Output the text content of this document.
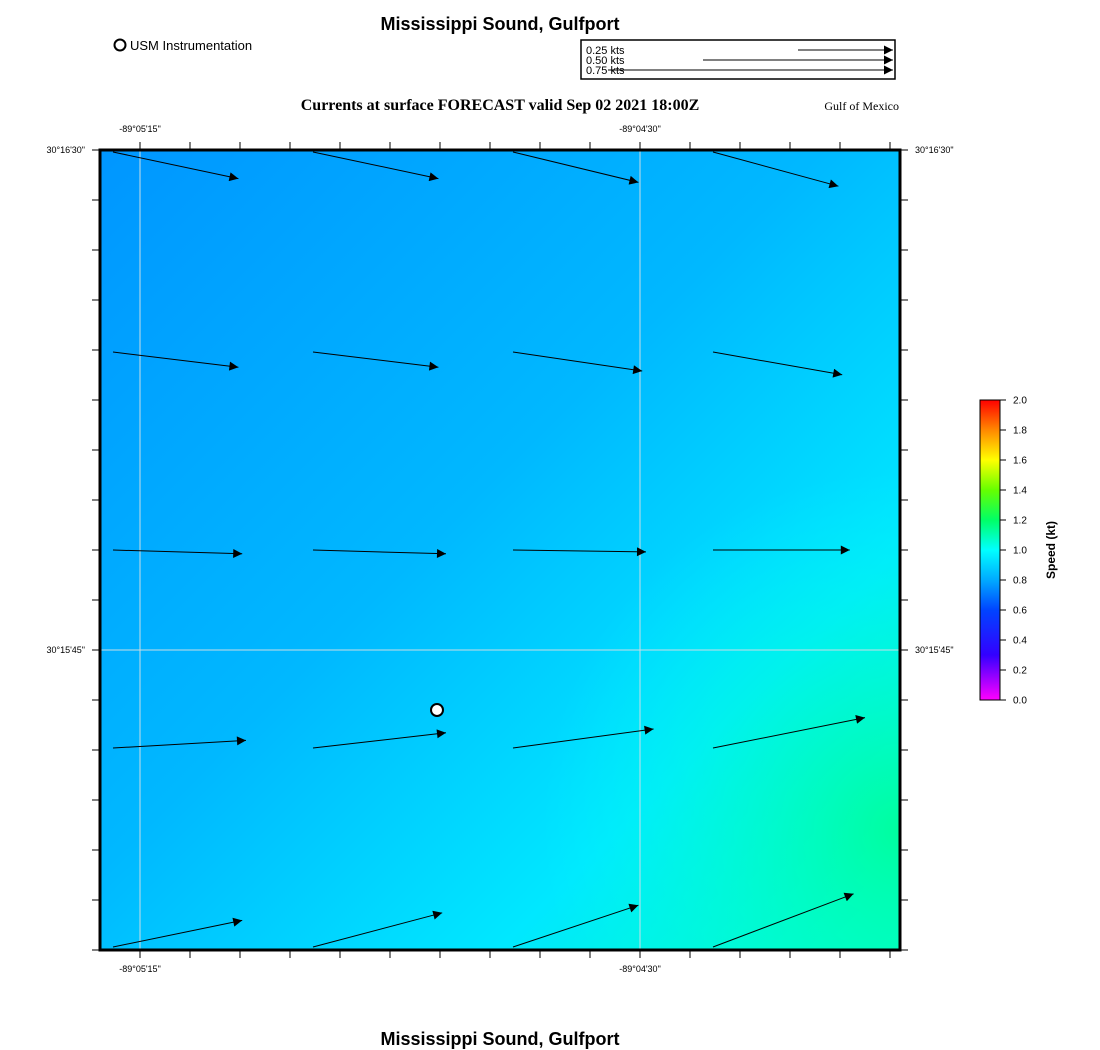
Mississippi Sound, Gulfport
Currents at surface FORECAST valid Sep 02 2021 18:00Z	Gulf of Mexico
Mississippi Sound, Gulfport
USM Instrumentation	0.25 kts
0.50 kts
0.75 kts
-89°05'15"	-89°04'30"
-89°05'15"	-89°04'30"
30°16'30"
30°15'45"
30°16'30"
30°15'45"
0.0
0.2
0.4
0.6
0.8
1.0
1.2
1.4
1.6
1.8
2.0
Speed (kt)
